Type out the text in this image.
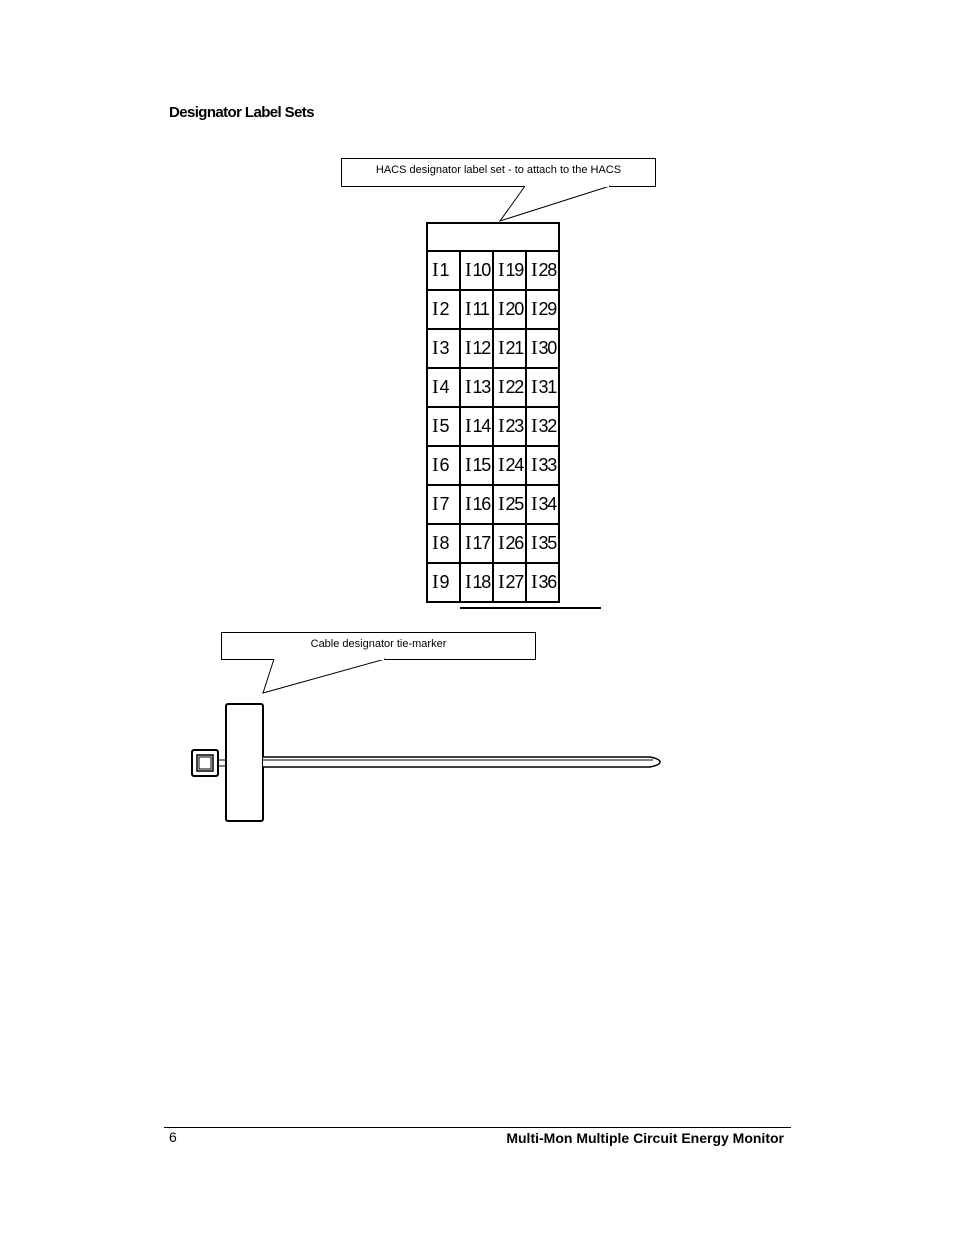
Designator Label Sets
HACS designator label set - to attach to the HACS

I 1	I 10	I 19	I 28
I 2	I 11	I 20	I 29
I 3	I 12	I 21	I 30
I 4	I 13	I 22	I 31
I 5	I 14	I 23	I 32
I 6	I 15	I 24	I 33
I 7	I 16	I 25	I 34
I 8	I 17	I 26	I 35
I 9	I 18	I 27	I 36
Cable designator tie-marker
6	Multi-Mon Multiple Circuit Energy Monitor
